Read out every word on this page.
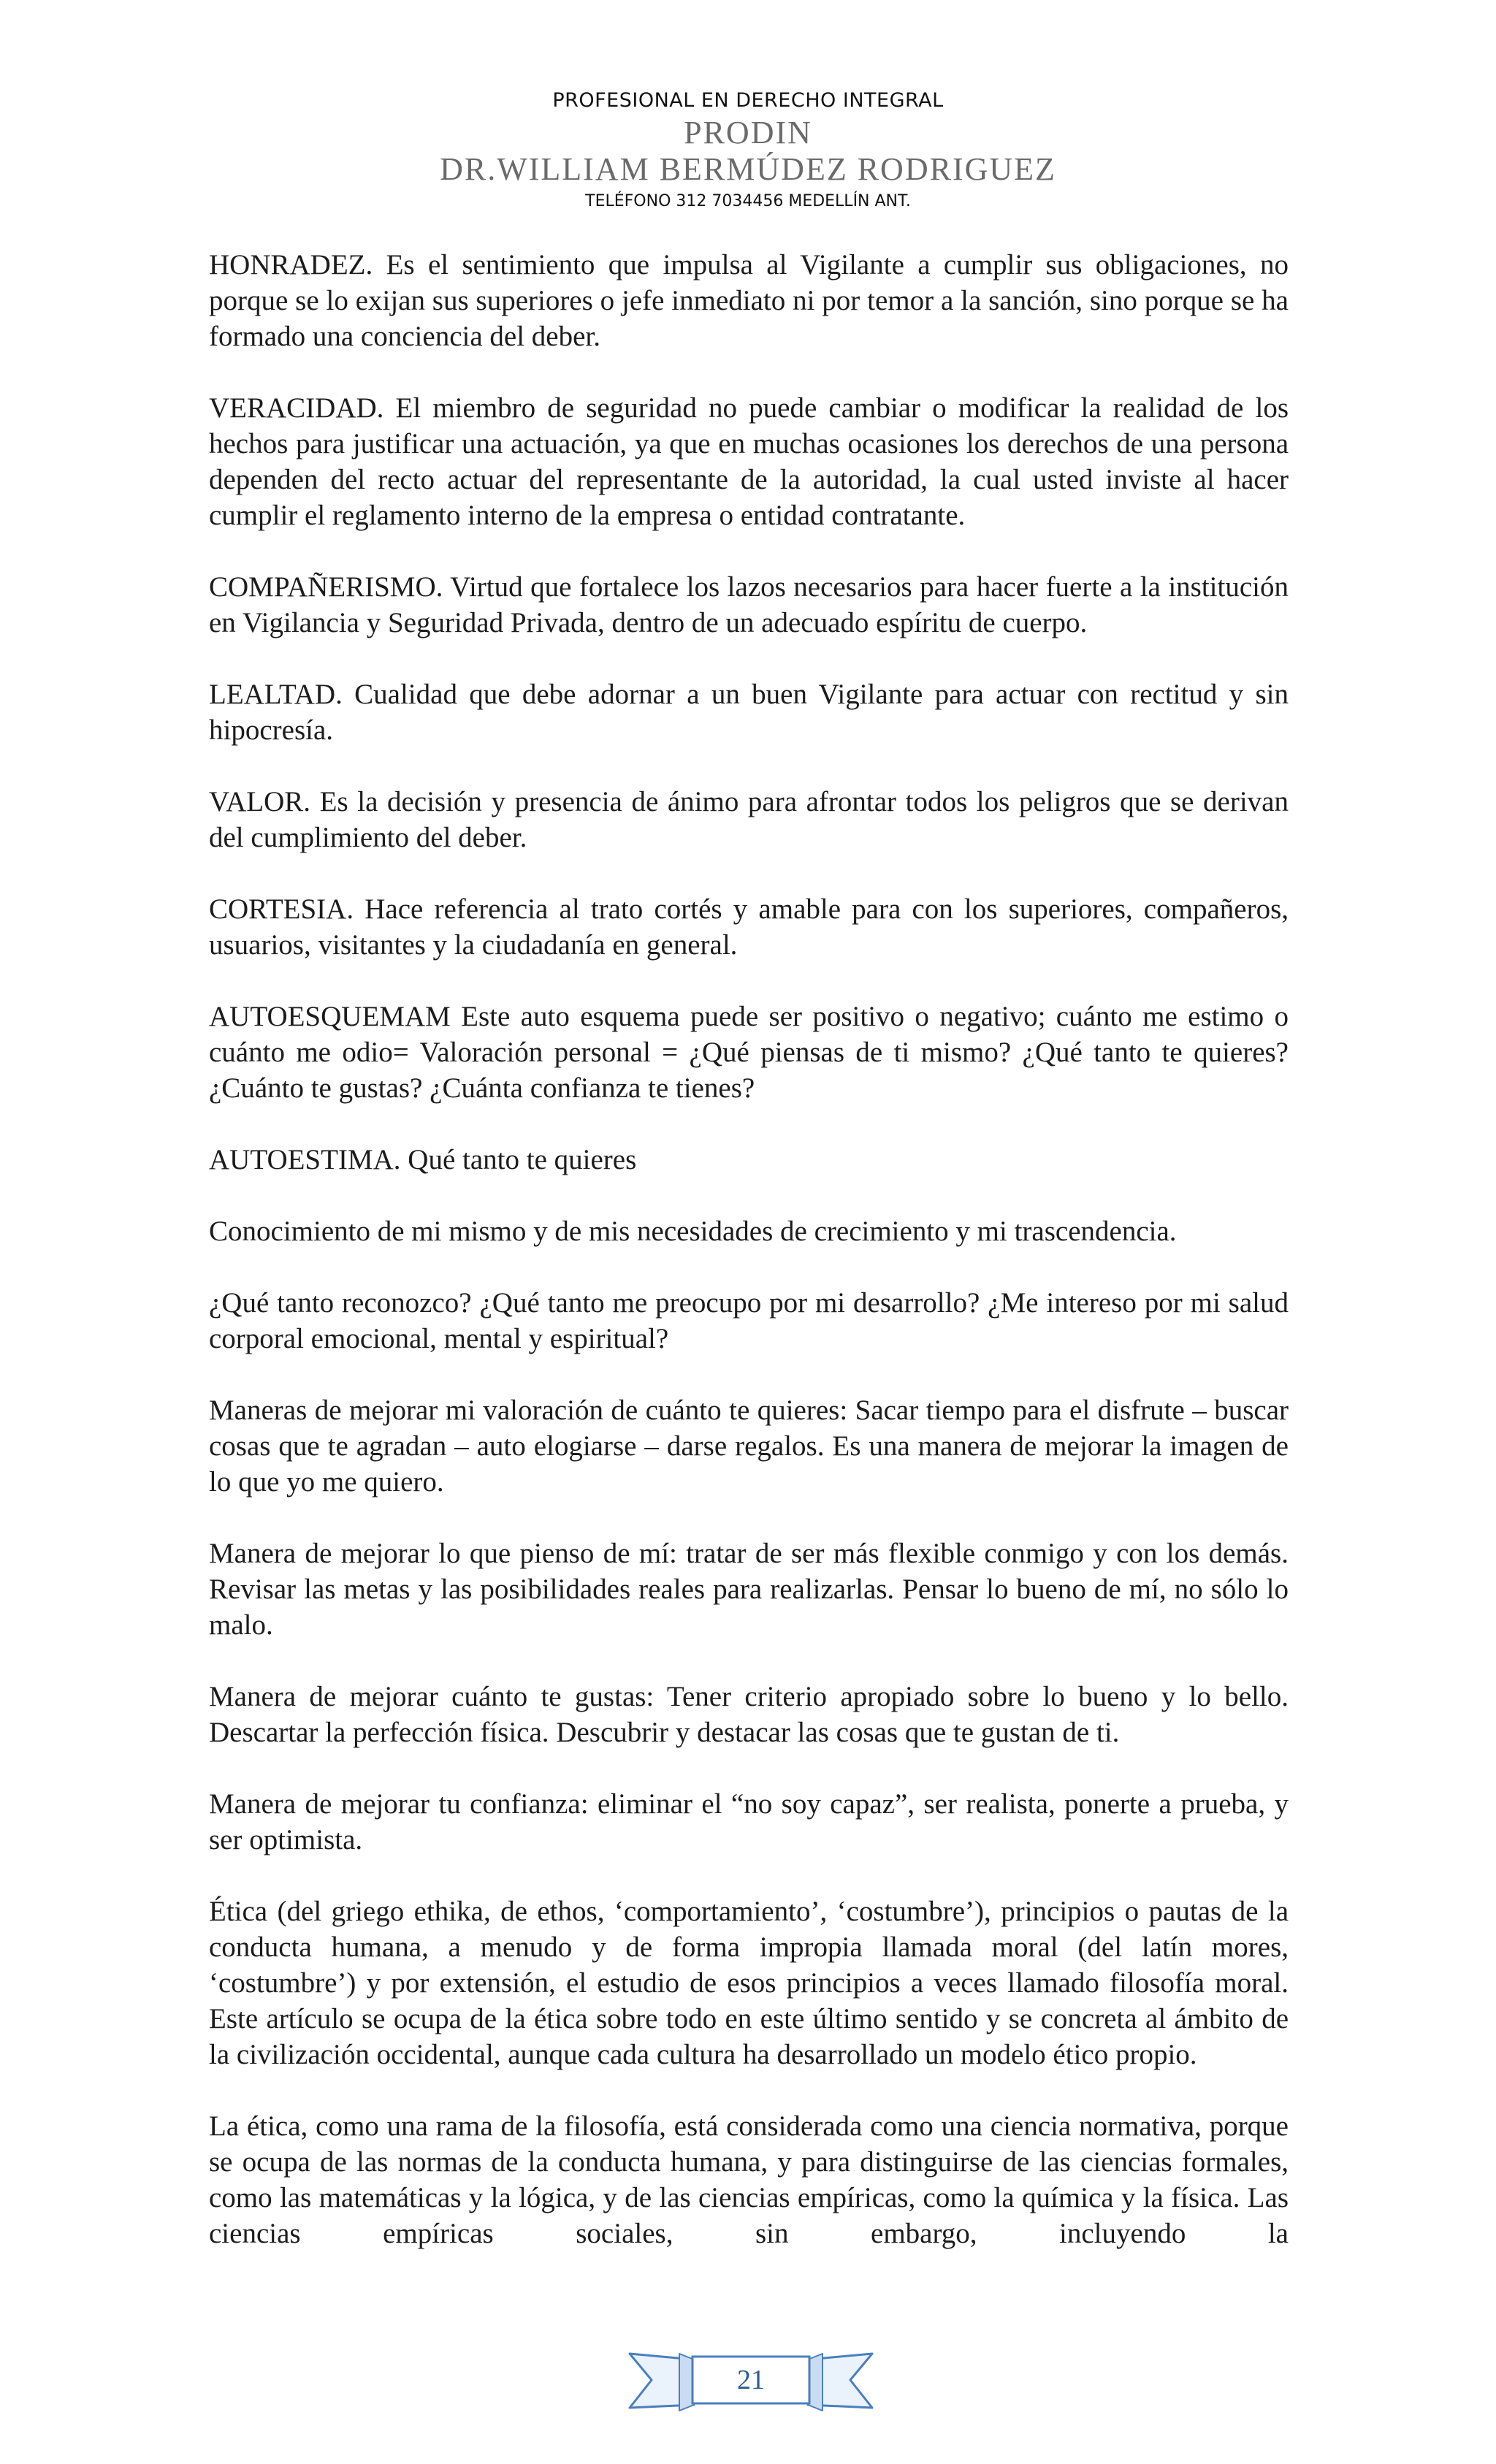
PROFESIONAL EN DERECHO INTEGRAL
PRODIN
DR.WILLIAM BERMÚDEZ RODRIGUEZ
TELÉFONO 312 7034456 MEDELLÍN ANT.

HONRADEZ. Es el sentimiento que impulsa al Vigilante a cumplir sus obligaciones, no porque se lo exijan sus superiores o jefe inmediato ni por temor a la sanción, sino porque se ha formado una conciencia del deber.

VERACIDAD. El miembro de seguridad no puede cambiar o modificar la realidad de los hechos para justificar una actuación, ya que en muchas ocasiones los derechos de una persona dependen del recto actuar del representante de la autoridad, la cual usted inviste al hacer cumplir el reglamento interno de la empresa o entidad contratante.

COMPAÑERISMO. Virtud que fortalece los lazos necesarios para hacer fuerte a la institución en Vigilancia y Seguridad Privada, dentro de un adecuado espíritu de cuerpo.

LEALTAD. Cualidad que debe adornar a un buen Vigilante para actuar con rectitud y sin hipocresía.

VALOR. Es la decisión y presencia de ánimo para afrontar todos los peligros que se derivan del cumplimiento del deber.

CORTESIA. Hace referencia al trato cortés y amable para con los superiores, compañeros, usuarios, visitantes y la ciudadanía en general.

AUTOESQUEMAM Este auto esquema puede ser positivo o negativo; cuánto me estimo o cuánto me odio= Valoración personal = ¿Qué piensas de ti mismo? ¿Qué tanto te quieres? ¿Cuánto te gustas? ¿Cuánta confianza te tienes?

AUTOESTIMA. Qué tanto te quieres

Conocimiento de mi mismo y de mis necesidades de crecimiento y mi trascendencia.

¿Qué tanto reconozco? ¿Qué tanto me preocupo por mi desarrollo? ¿Me intereso por mi salud corporal emocional, mental y espiritual?

Maneras de mejorar mi valoración de cuánto te quieres: Sacar tiempo para el disfrute – buscar cosas que te agradan – auto elogiarse – darse regalos. Es una manera de mejorar la imagen de lo que yo me quiero.

Manera de mejorar lo que pienso de mí: tratar de ser más flexible conmigo y con los demás. Revisar las metas y las posibilidades reales para realizarlas. Pensar lo bueno de mí, no sólo lo malo.

Manera de mejorar cuánto te gustas: Tener criterio apropiado sobre lo bueno y lo bello. Descartar la perfección física. Descubrir y destacar las cosas que te gustan de ti.

Manera de mejorar tu confianza: eliminar el “no soy capaz”, ser realista, ponerte a prueba, y ser optimista.

Ética (del griego ethika, de ethos, ‘comportamiento’, ‘costumbre’), principios o pautas de la conducta humana, a menudo y de forma impropia llamada moral (del latín mores, ‘costumbre’) y por extensión, el estudio de esos principios a veces llamado filosofía moral. Este artículo se ocupa de la ética sobre todo en este último sentido y se concreta al ámbito de la civilización occidental, aunque cada cultura ha desarrollado un modelo ético propio.

La ética, como una rama de la filosofía, está considerada como una ciencia normativa, porque se ocupa de las normas de la conducta humana, y para distinguirse de las ciencias formales, como las matemáticas y la lógica, y de las ciencias empíricas, como la química y la física. Las ciencias empíricas sociales, sin embargo, incluyendo la

21
